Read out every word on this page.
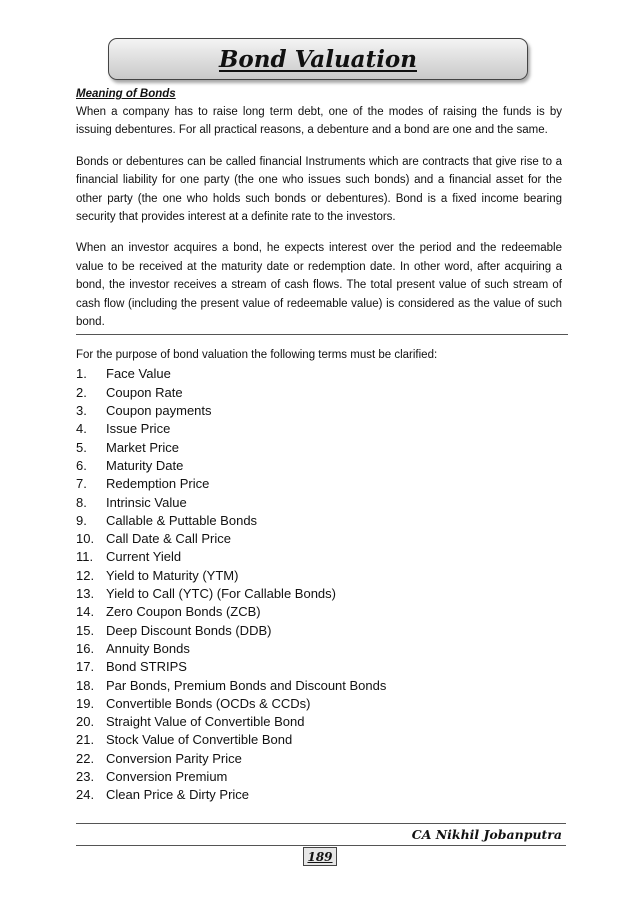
Bond Valuation

Meaning of Bonds

When a company has to raise long term debt, one of the modes of raising the funds is by issuing debentures. For all practical reasons, a debenture and a bond are one and the same.

Bonds or debentures can be called financial Instruments which are contracts that give rise to a financial liability for one party (the one who issues such bonds) and a financial asset for the other party (the one who holds such bonds or debentures). Bond is a fixed income bearing security that provides interest at a definite rate to the investors.

When an investor acquires a bond, he expects interest over the period and the redeemable value to be received at the maturity date or redemption date. In other word, after acquiring a bond, the investor receives a stream of cash flows. The total present value of such stream of cash flow (including the present value of redeemable value) is considered as the value of such bond.

For the purpose of bond valuation the following terms must be clarified:

1.	Face Value
2.	Coupon Rate
3.	Coupon payments
4.	Issue Price
5.	Market Price
6.	Maturity Date
7.	Redemption Price
8.	Intrinsic Value
9.	Callable & Puttable Bonds
10. Call Date & Call Price
11. Current Yield
12. Yield to Maturity (YTM)
13. Yield to Call (YTC) (For Callable Bonds)
14. Zero Coupon Bonds (ZCB)
15. Deep Discount Bonds (DDB)
16. Annuity Bonds
17. Bond STRIPS
18. Par Bonds, Premium Bonds and Discount Bonds
19. Convertible Bonds (OCDs & CCDs)
20. Straight Value of Convertible Bond
21. Stock Value of Convertible Bond
22. Conversion Parity Price
23. Conversion Premium
24. Clean Price & Dirty Price
CA Nikhil Jobanputra
189
